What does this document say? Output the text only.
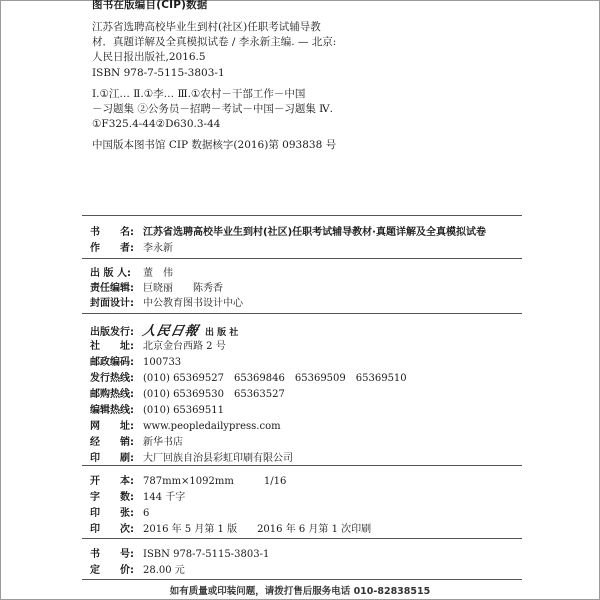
图书在版编目(CIP)数据
江苏省选聘高校毕业生到村(社区)任职考试辅导教
材．真题详解及全真模拟试卷 / 李永新主编. — 北京:
人民日报出版社,2016.5
ISBN 978-7-5115-3803-1
Ⅰ.①江… Ⅱ.①李… Ⅲ.①农村－干部工作－中国
－习题集 ②公务员－招聘－考试－中国－习题集 Ⅳ.
①F325.4-44②D630.3-44
中国版本图书馆 CIP 数据核字(2016)第 093838 号
书　　名: 江苏省选聘高校毕业生到村(社区)任职考试辅导教材·真题详解及全真模拟试卷
作　　者: 李永新
出 版 人: 董　伟
责任编辑: 巨晓丽　　陈秀香
封面设计: 中公教育图书设计中心
出版发行: 人民日報 出 版 社
社　　址: 北京金台西路 2 号
邮政编码: 100733
发行热线: (010) 65369527　65369846　65369509　65369510
邮购热线: (010) 65369530　65363527
编辑热线: (010) 65369511
网　　址: www.peopledailypress.com
经　　销: 新华书店
印　　刷: 大厂回族自治县彩虹印刷有限公司
开　　本: 787mm×1092mm　　　1/16
字　　数: 144 千字
印　　张: 6
印　　次: 2016 年 5 月第 1 版　　2016 年 6 月第 1 次印刷
书　　号: ISBN 978-7-5115-3803-1
定　　价: 28.00 元
如有质量或印装问题，请拨打售后服务电话 010-82838515
